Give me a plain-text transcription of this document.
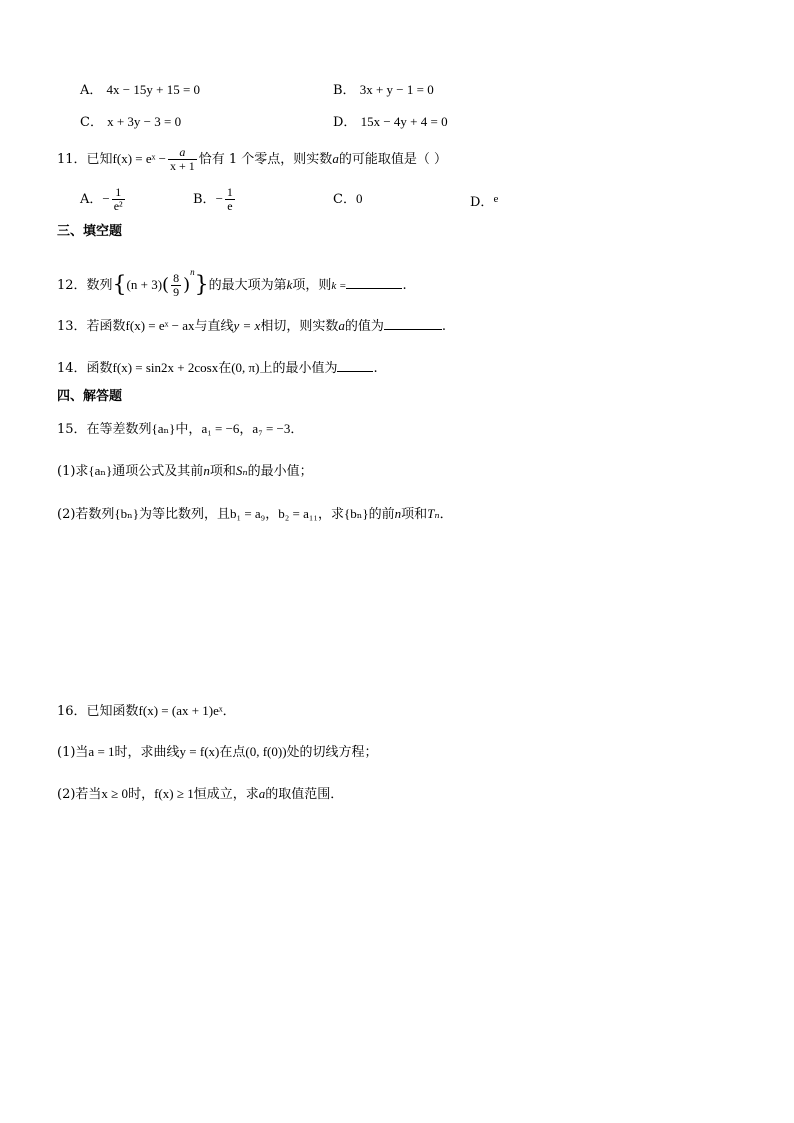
A． 4x − 15y + 15 = 0	B． 3x + y − 1 = 0
C． x + 3y − 3 = 0	D． 15x − 4y + 4 = 0
11．已知f(x) = eˣ − $\frac{a}{x + 1}$ 恰有 1 个零点，则实数a的可能取值是（ ）
A．− $\frac{1}{\text{e²}}$	B．− $\frac{1}{e}$	C．0	D．$^e$
三、填空题
12．数列$\{(n + 3)( \frac{8}{9} )^n\}$的最大项为第k项，则k =	.
13．若函数f(x) = eˣ − ax与直线y = x相切，则实数a的值为	.
14．函数f(x) = sin2x + 2cosx在(0, π)上的最小值为	.
四、解答题
15．在等差数列{aₙ}中，a₁ = −6，a₇ = −3．
(1)求{aₙ}通项公式及其前n项和Sₙ的最小值；
(2)若数列{bₙ}为等比数列，且b₁ = a₉，b₂ = a₁₁，求{bₙ}的前n项和Tₙ．
16．已知函数f(x) = (ax + 1)eˣ．
(1)当a = 1时，求曲线y = f(x)在点(0, f(0))处的切线方程；
(2)若当x ≥ 0时，f(x) ≥ 1恒成立，求a的取值范围．
